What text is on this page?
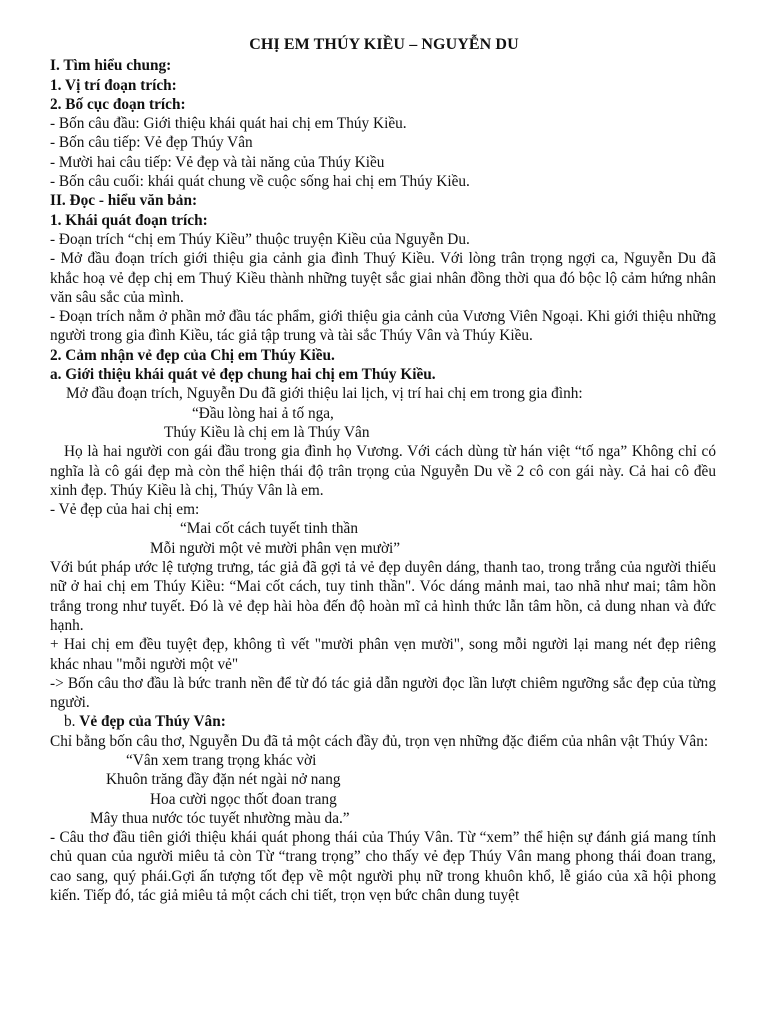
CHỊ EM THÚY KIỀU – NGUYỄN DU

I. Tìm hiểu chung:

1. Vị trí đoạn trích:

2. Bố cục đoạn trích:

- Bốn câu đầu: Giới thiệu khái quát hai chị em Thúy Kiều.

- Bốn câu tiếp: Vẻ đẹp Thúy Vân

- Mười hai câu tiếp: Vẻ đẹp và tài năng của Thúy Kiều

- Bốn câu cuối: khái quát chung về cuộc sống hai chị em Thúy Kiều.

II. Đọc - hiểu văn bản:

1. Khái quát đoạn trích:

- Đoạn trích “chị em Thúy Kiều” thuộc truyện Kiều của Nguyễn Du.

- Mở đầu đoạn trích giới thiệu gia cảnh gia đình Thuý Kiều. Với lòng trân trọng ngợi ca, Nguyễn Du đã khắc hoạ vẻ đẹp chị em Thuý Kiều thành những tuyệt sắc giai nhân đồng thời qua đó bộc lộ cảm hứng nhân văn sâu sắc của mình.

- Đoạn trích nằm ở phần mở đầu tác phẩm, giới thiệu gia cảnh của Vương Viên Ngoại. Khi giới thiệu những người trong gia đình Kiều, tác giả tập trung và tài sắc Thúy Vân và Thúy Kiều.

2. Cảm nhận vẻ đẹp của Chị em Thúy Kiều.

a. Giới thiệu khái quát vẻ đẹp chung hai chị em Thúy Kiều.

Mở đầu đoạn trích, Nguyễn Du đã giới thiệu lai lịch, vị trí hai chị em trong gia đình:

“Đầu lòng hai ả tố nga,

Thúy Kiều là chị em là Thúy Vân

Họ là hai người con gái đầu trong gia đình họ Vương. Với cách dùng từ hán việt “tố nga” Không chỉ có nghĩa là cô gái đẹp mà còn thể hiện thái độ trân trọng của Nguyễn Du về 2 cô con gái này. Cả hai cô đều xinh đẹp. Thúy Kiều là chị, Thúy Vân là em.

- Vẻ đẹp của hai chị em:

“Mai cốt cách tuyết tinh thần

Mỗi người một vẻ mười phân vẹn mười”

Với bút pháp ước lệ tượng trưng, tác giả đã gợi tả vẻ đẹp duyên dáng, thanh tao, trong trắng của người thiếu nữ ở hai chị em Thúy Kiều: “Mai cốt cách, tuy tinh thần". Vóc dáng mảnh mai, tao nhã như mai; tâm hồn trắng trong như tuyết. Đó là vẻ đẹp hài hòa đến độ hoàn mĩ cả hình thức lẫn tâm hồn, cả dung nhan và đức hạnh.

+ Hai chị em đều tuyệt đẹp, không tì vết "mười phân vẹn mười", song mỗi người lại mang nét đẹp riêng khác nhau "mỗi người một vẻ"

-> Bốn câu thơ đầu là bức tranh nền để từ đó tác giả dẫn người đọc lần lượt chiêm ngưỡng sắc đẹp của từng người.

b. Vẻ đẹp của Thúy Vân:

Chỉ bằng bốn câu thơ, Nguyễn Du đã tả một cách đầy đủ, trọn vẹn những đặc điểm của nhân vật Thúy Vân:

“Vân xem trang trọng khác vời

Khuôn trăng đầy đặn nét ngài nở nang

Hoa cười ngọc thốt đoan trang

Mây thua nước tóc tuyết nhường màu da.”

- Câu thơ đầu tiên giới thiệu khái quát phong thái của Thúy Vân. Từ “xem” thể hiện sự đánh giá mang tính chủ quan của người miêu tả còn Từ “trang trọng” cho thấy vẻ đẹp Thúy Vân mang phong thái đoan trang, cao sang, quý phái.Gợi ấn tượng tốt đẹp về một người phụ nữ trong khuôn khổ, lễ giáo của xã hội phong kiến. Tiếp đó, tác giả miêu tả một cách chi tiết, trọn vẹn bức chân dung tuyệt
